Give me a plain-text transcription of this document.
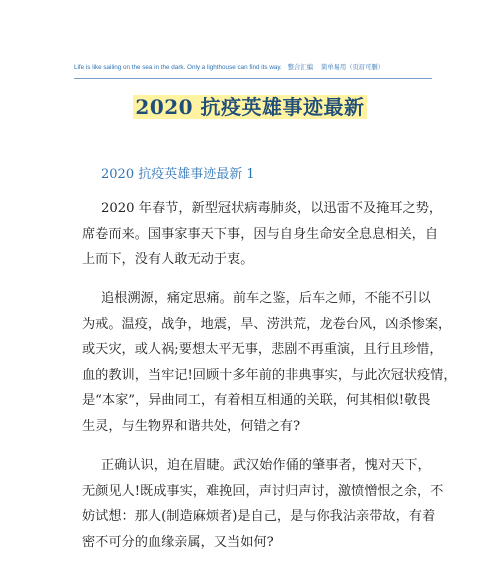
Life is like sailing on the sea in the dark. Only a lighthouse can find its way. 整合汇编　 简单易用（页眉可删）
2020 抗疫英雄事迹最新
2020 抗疫英雄事迹最新 1
2020 年春节，新型冠状病毒肺炎，以迅雷不及掩耳之势，
席卷而来。国事家事天下事，因与自身生命安全息息相关，自
上而下，没有人敢无动于衷。
追根溯源，痛定思痛。前车之鉴，后车之师，不能不引以
为戒。温疫，战争，地震，旱、涝洪荒，龙卷台风，凶杀惨案，
或天灾，或人祸;要想太平无事，悲剧不再重演，且行且珍惜，
血的教训，当牢记!回顾十多年前的非典事实，与此次冠状疫情，
是“本家”，异曲同工，有着相互相通的关联，何其相似!敬畏
生灵，与生物界和谐共处，何错之有?
正确认识，迫在眉睫。武汉始作俑的肇事者，愧对天下，
无颜见人!既成事实，难挽回，声讨归声讨，激愤憎恨之余，不
妨试想：那人(制造麻烦者)是自己，是与你我沾亲带故，有着
密不可分的血缘亲属，又当如何?
